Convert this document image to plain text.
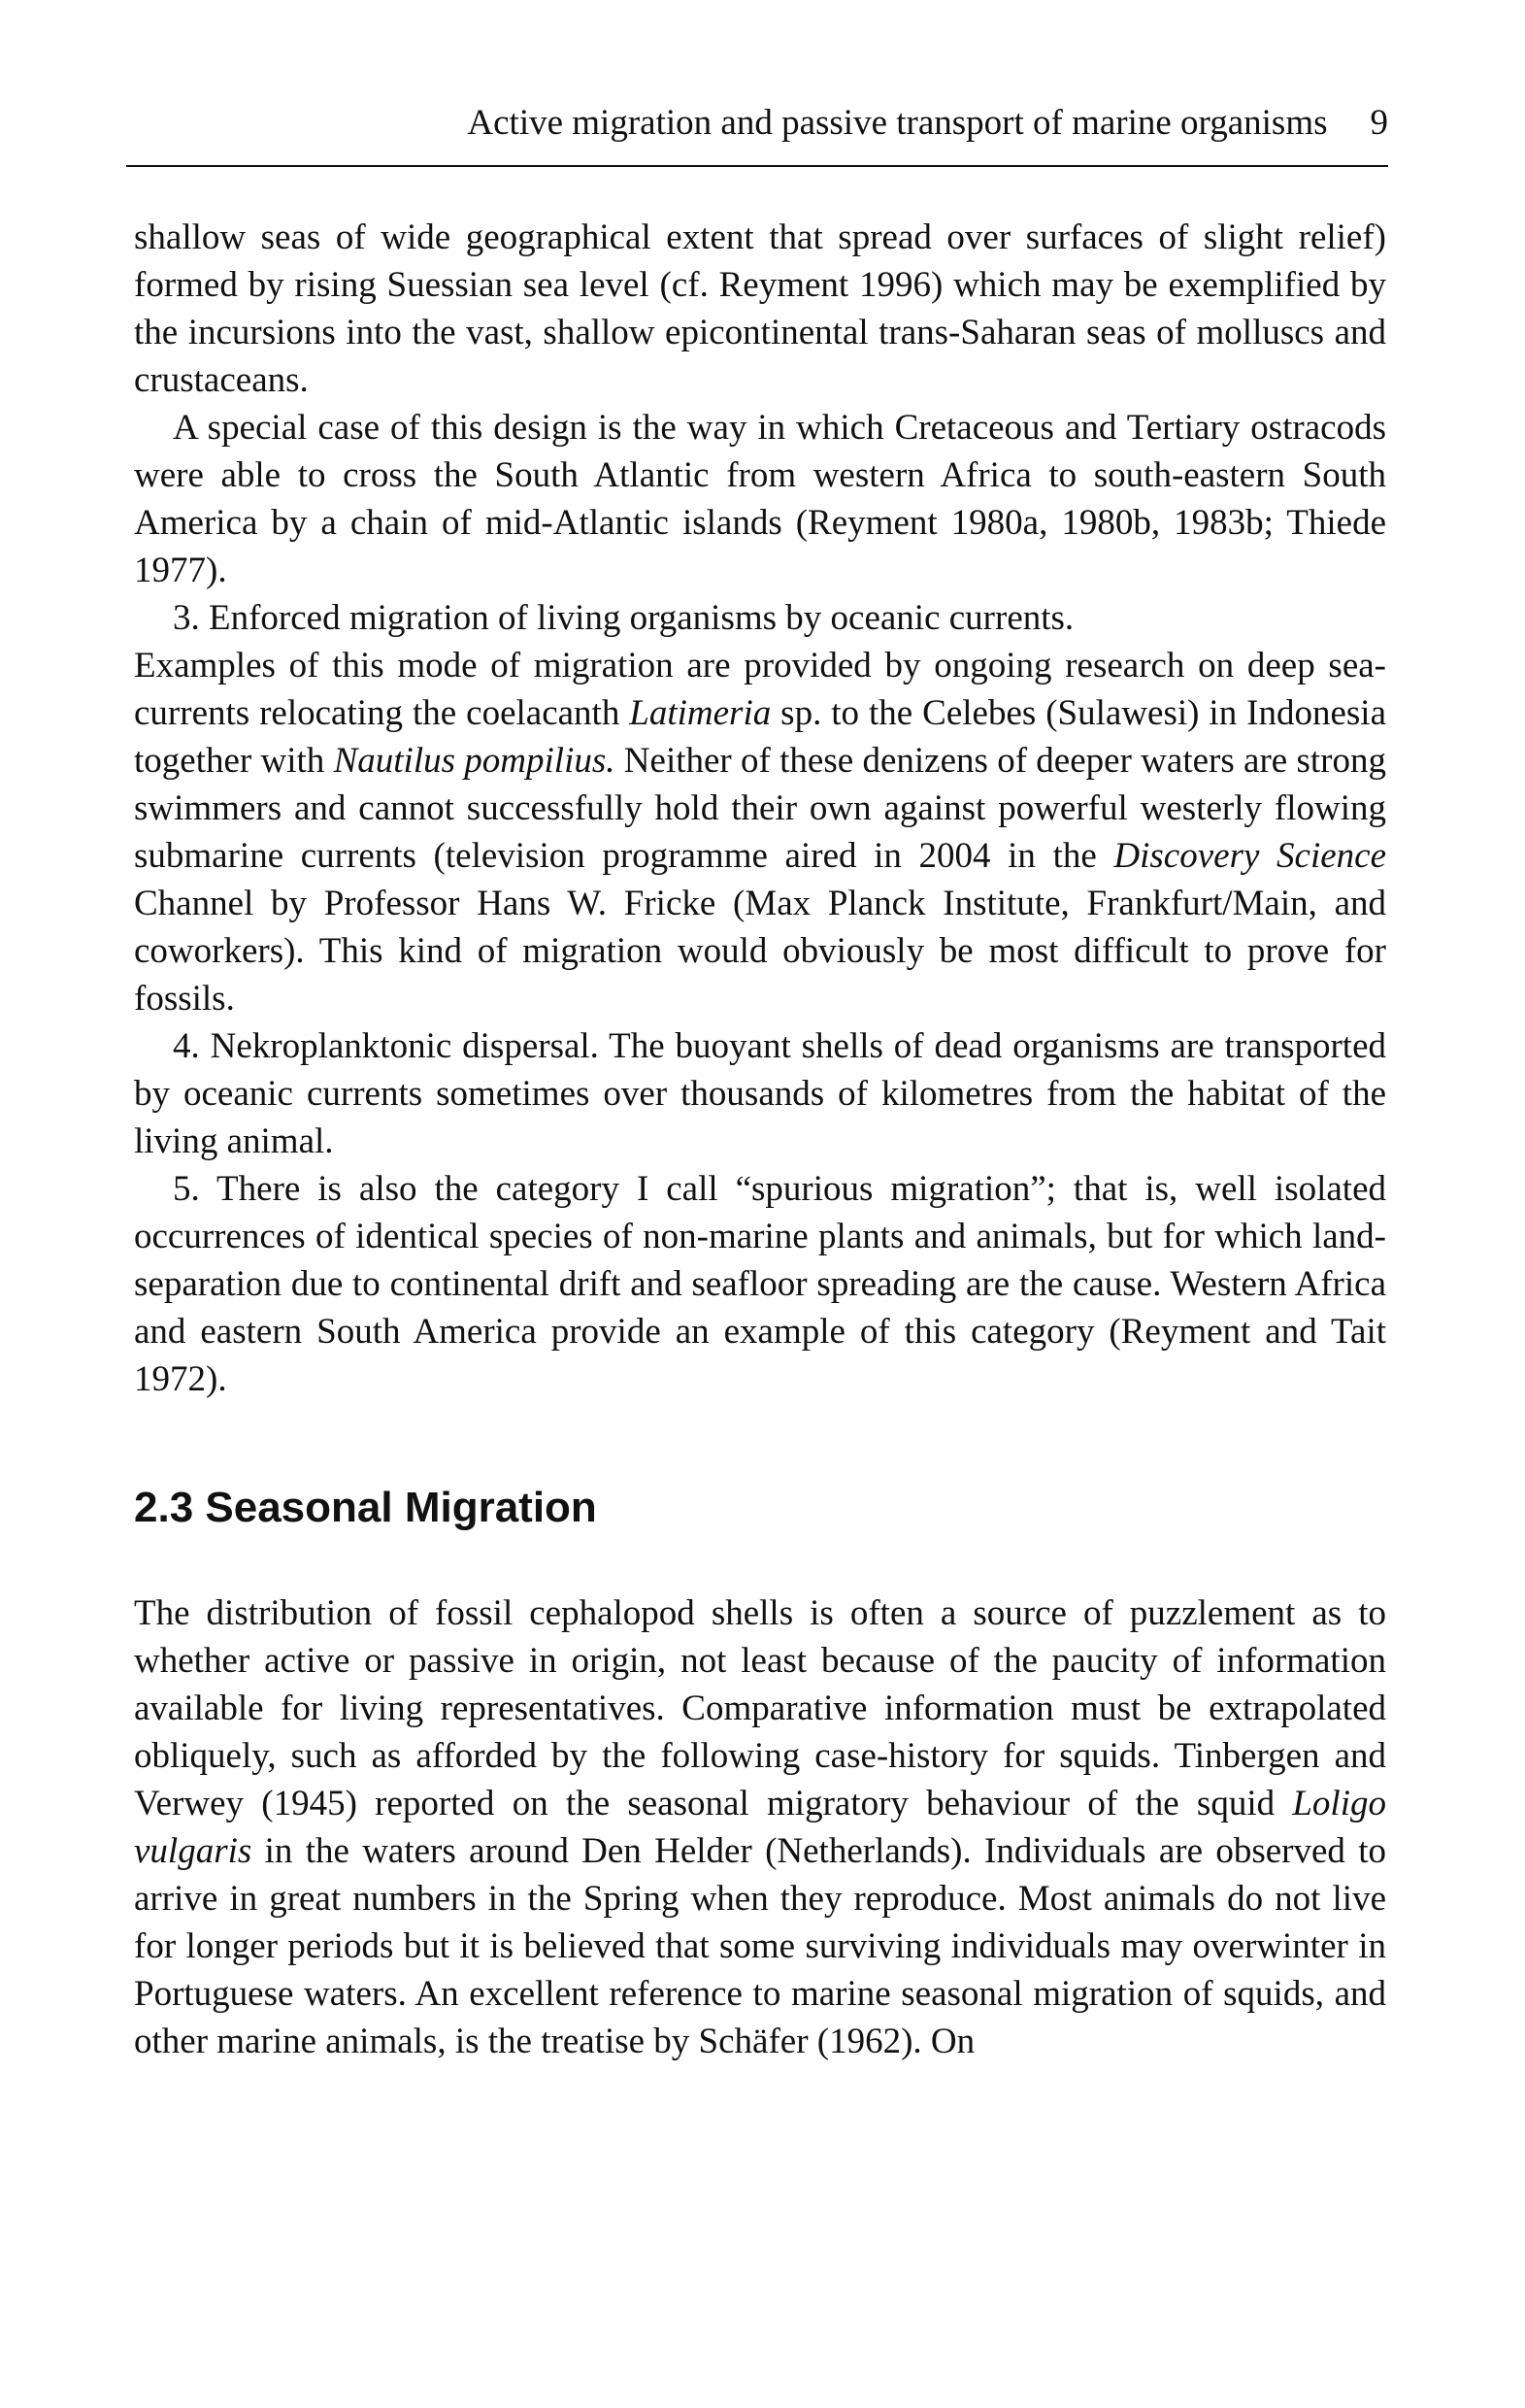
Active migration and passive transport of marine organisms 9

shallow seas of wide geographical extent that spread over surfaces of slight relief) formed by rising Suessian sea level (cf. Reyment 1996) which may be exemplified by the incursions into the vast, shallow epicontinental trans-Saharan seas of molluscs and crustaceans.

A special case of this design is the way in which Cretaceous and Tertiary ostracods were able to cross the South Atlantic from western Africa to south-eastern South America by a chain of mid-Atlantic islands (Reyment 1980a, 1980b, 1983b; Thiede 1977).

3. Enforced migration of living organisms by oceanic currents.

Examples of this mode of migration are provided by ongoing research on deep sea-currents relocating the coelacanth Latimeria sp. to the Celebes (Sulawesi) in Indonesia together with Nautilus pompilius. Neither of these denizens of deeper waters are strong swimmers and cannot successfully hold their own against powerful westerly flowing submarine currents (television programme aired in 2004 in the Discovery Science Channel by Professor Hans W. Fricke (Max Planck Institute, Frankfurt/Main, and coworkers). This kind of migration would obviously be most difficult to prove for fossils.

4. Nekroplanktonic dispersal. The buoyant shells of dead organisms are transported by oceanic currents sometimes over thousands of kilometres from the habitat of the living animal.

5. There is also the category I call “spurious migration”; that is, well isolated occurrences of identical species of non-marine plants and animals, but for which land-separation due to continental drift and seafloor spreading are the cause. Western Africa and eastern South America provide an example of this category (Reyment and Tait 1972).

2.3 Seasonal Migration

The distribution of fossil cephalopod shells is often a source of puzzlement as to whether active or passive in origin, not least because of the paucity of information available for living representatives. Comparative information must be extrapolated obliquely, such as afforded by the following case-history for squids. Tinbergen and Verwey (1945) reported on the seasonal migratory behaviour of the squid Loligo vulgaris in the waters around Den Helder (Netherlands). Individuals are observed to arrive in great numbers in the Spring when they reproduce. Most animals do not live for longer periods but it is believed that some surviving individuals may overwinter in Portuguese waters. An excellent reference to marine seasonal migration of squids, and other marine animals, is the treatise by Schäfer (1962). On
